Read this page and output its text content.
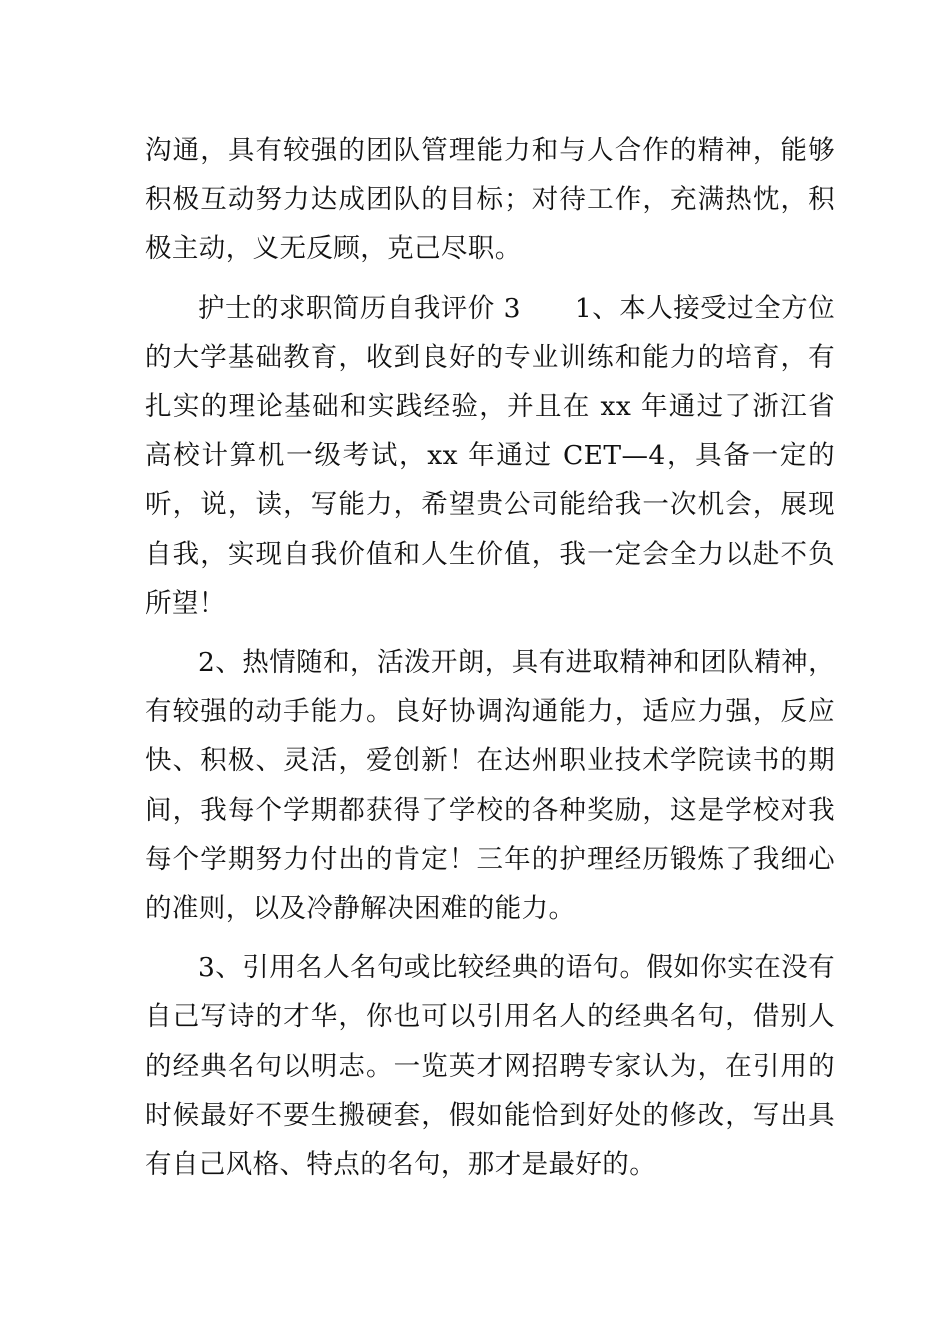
沟通，具有较强的团队管理能力和与人合作的精神，能够积极互动努力达成团队的目标；对待工作，充满热忱，积极主动，义无反顾，克己尽职。

护士的求职简历自我评价 3　　1、本人接受过全方位的大学基础教育，收到良好的专业训练和能力的培育，有扎实的理论基础和实践经验，并且在 xx 年通过了浙江省高校计算机一级考试，xx 年通过 CET—4，具备一定的听，说，读，写能力，希望贵公司能给我一次机会，展现自我，实现自我价值和人生价值，我一定会全力以赴不负所望！

2、热情随和，活泼开朗，具有进取精神和团队精神，有较强的动手能力。良好协调沟通能力，适应力强，反应快、积极、灵活，爱创新！在达州职业技术学院读书的期间，我每个学期都获得了学校的各种奖励，这是学校对我每个学期努力付出的肯定！三年的护理经历锻炼了我细心的准则，以及冷静解决困难的能力。

3、引用名人名句或比较经典的语句。假如你实在没有自己写诗的才华，你也可以引用名人的经典名句，借别人的经典名句以明志。一览英才网招聘专家认为，在引用的时候最好不要生搬硬套，假如能恰到好处的修改，写出具有自己风格、特点的名句，那才是最好的。
